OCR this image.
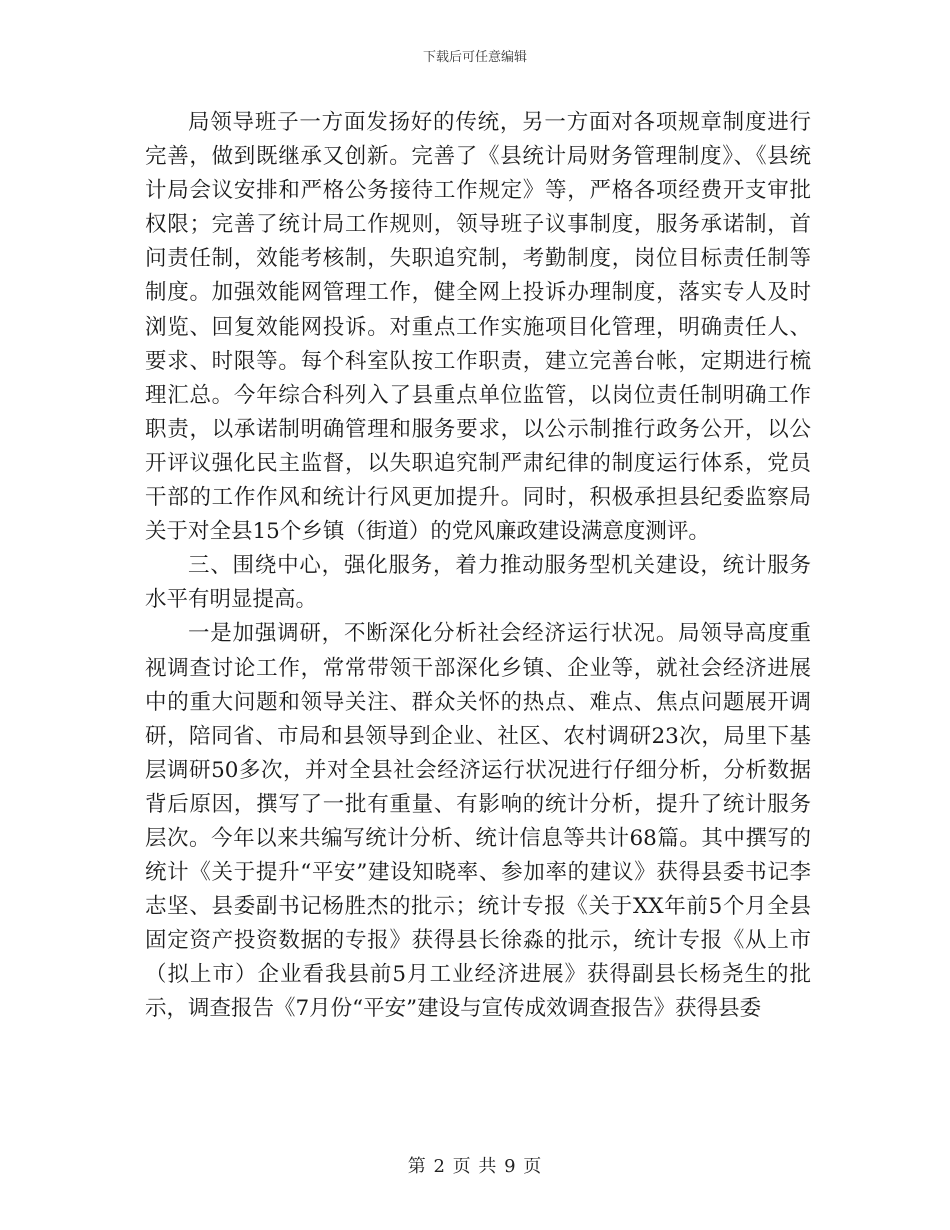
下载后可任意编辑

局领导班子一方面发扬好的传统，另一方面对各项规章制度进行完善，做到既继承又创新。完善了《县统计局财务管理制度》、《县统计局会议安排和严格公务接待工作规定》等，严格各项经费开支审批权限；完善了统计局工作规则，领导班子议事制度，服务承诺制，首问责任制，效能考核制，失职追究制，考勤制度，岗位目标责任制等制度。加强效能网管理工作，健全网上投诉办理制度，落实专人及时浏览、回复效能网投诉。对重点工作实施项目化管理，明确责任人、要求、时限等。每个科室队按工作职责，建立完善台帐，定期进行梳理汇总。今年综合科列入了县重点单位监管，以岗位责任制明确工作职责，以承诺制明确管理和服务要求，以公示制推行政务公开，以公开评议强化民主监督，以失职追究制严肃纪律的制度运行体系，党员干部的工作作风和统计行风更加提升。同时，积极承担县纪委监察局关于对全县15个乡镇（街道）的党风廉政建设满意度测评。

三、围绕中心，强化服务，着力推动服务型机关建设，统计服务水平有明显提高。

一是加强调研，不断深化分析社会经济运行状况。局领导高度重视调查讨论工作，常常带领干部深化乡镇、企业等，就社会经济进展中的重大问题和领导关注、群众关怀的热点、难点、焦点问题展开调研，陪同省、市局和县领导到企业、社区、农村调研23次，局里下基层调研50多次，并对全县社会经济运行状况进行仔细分析，分析数据背后原因，撰写了一批有重量、有影响的统计分析，提升了统计服务层次。今年以来共编写统计分析、统计信息等共计68篇。其中撰写的统计《关于提升“平安”建设知晓率、参加率的建议》获得县委书记李志坚、县委副书记杨胜杰的批示；统计专报《关于XX年前5个月全县固定资产投资数据的专报》获得县长徐淼的批示，统计专报《从上市（拟上市）企业看我县前5月工业经济进展》获得副县长杨尧生的批示，调查报告《7月份“平安”建设与宣传成效调查报告》获得县委

第 2 页 共 9 页
